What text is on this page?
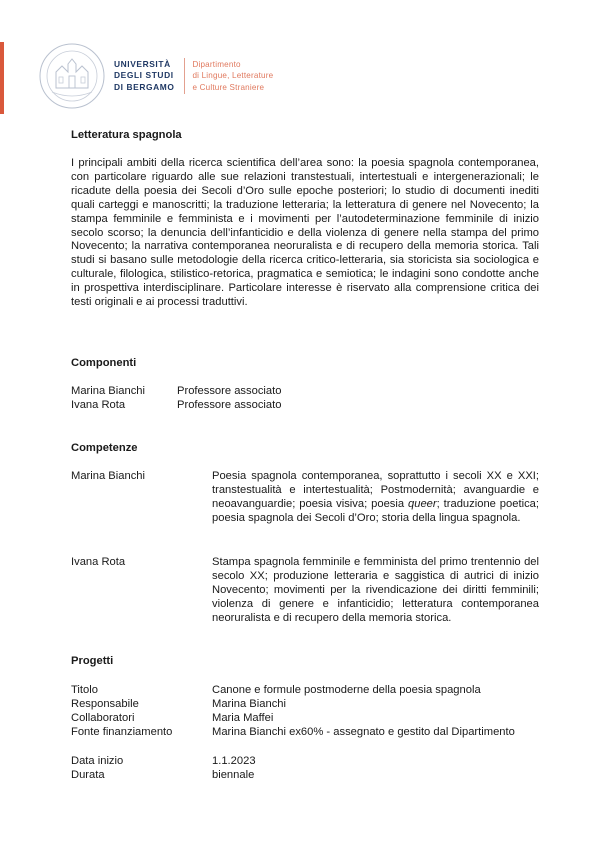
UNIVERSITÀ
DEGLI STUDI
DI BERGAMO
Dipartimento
di Lingue, Letterature
e Culture Straniere
Letteratura spagnola
I principali ambiti della ricerca scientifica dell’area sono: la poesia spagnola contemporanea, con particolare riguardo alle sue relazioni transtestuali, intertestuali e intergenerazionali; le ricadute della poesia dei Secoli d’Oro sulle epoche posteriori; lo studio di documenti inediti quali carteggi e manoscritti; la traduzione letteraria; la letteratura di genere nel Novecento; la stampa femminile e femminista e i movimenti per l’autodeterminazione femminile di inizio secolo scorso; la denuncia dell’infanticidio e della violenza di genere nella stampa del primo Novecento; la narrativa contemporanea neoruralista e di recupero della memoria storica. Tali studi si basano sulle metodologie della ricerca critico-letteraria, sia storicista sia sociologica e culturale, filologica, stilistico-retorica, pragmatica e semiotica; le indagini sono condotte anche in prospettiva interdisciplinare. Particolare interesse è riservato alla comprensione critica dei testi originali e ai processi traduttivi.
Componenti
Marina Bianchi	Professore associato
Ivana Rota	Professore associato
Competenze
Marina Bianchi	Poesia spagnola contemporanea, soprattutto i secoli XX e XXI; transtestualità e intertestualità; Postmodernità; avanguardie e neoavanguardie; poesia visiva; poesia queer; traduzione poetica; poesia spagnola dei Secoli d’Oro; storia della lingua spagnola.
Ivana Rota	Stampa spagnola femminile e femminista del primo trentennio del secolo XX; produzione letteraria e saggistica di autrici di inizio Novecento; movimenti per la rivendicazione dei diritti femminili; violenza di genere e infanticidio; letteratura contemporanea neoruralista e di recupero della memoria storica.
Progetti
Titolo	Canone e formule postmoderne della poesia spagnola
Responsabile	Marina Bianchi
Collaboratori	Maria Maffei
Fonte finanziamento	Marina Bianchi ex60% - assegnato e gestito dal Dipartimento
Data inizio	1.1.2023
Durata	biennale
